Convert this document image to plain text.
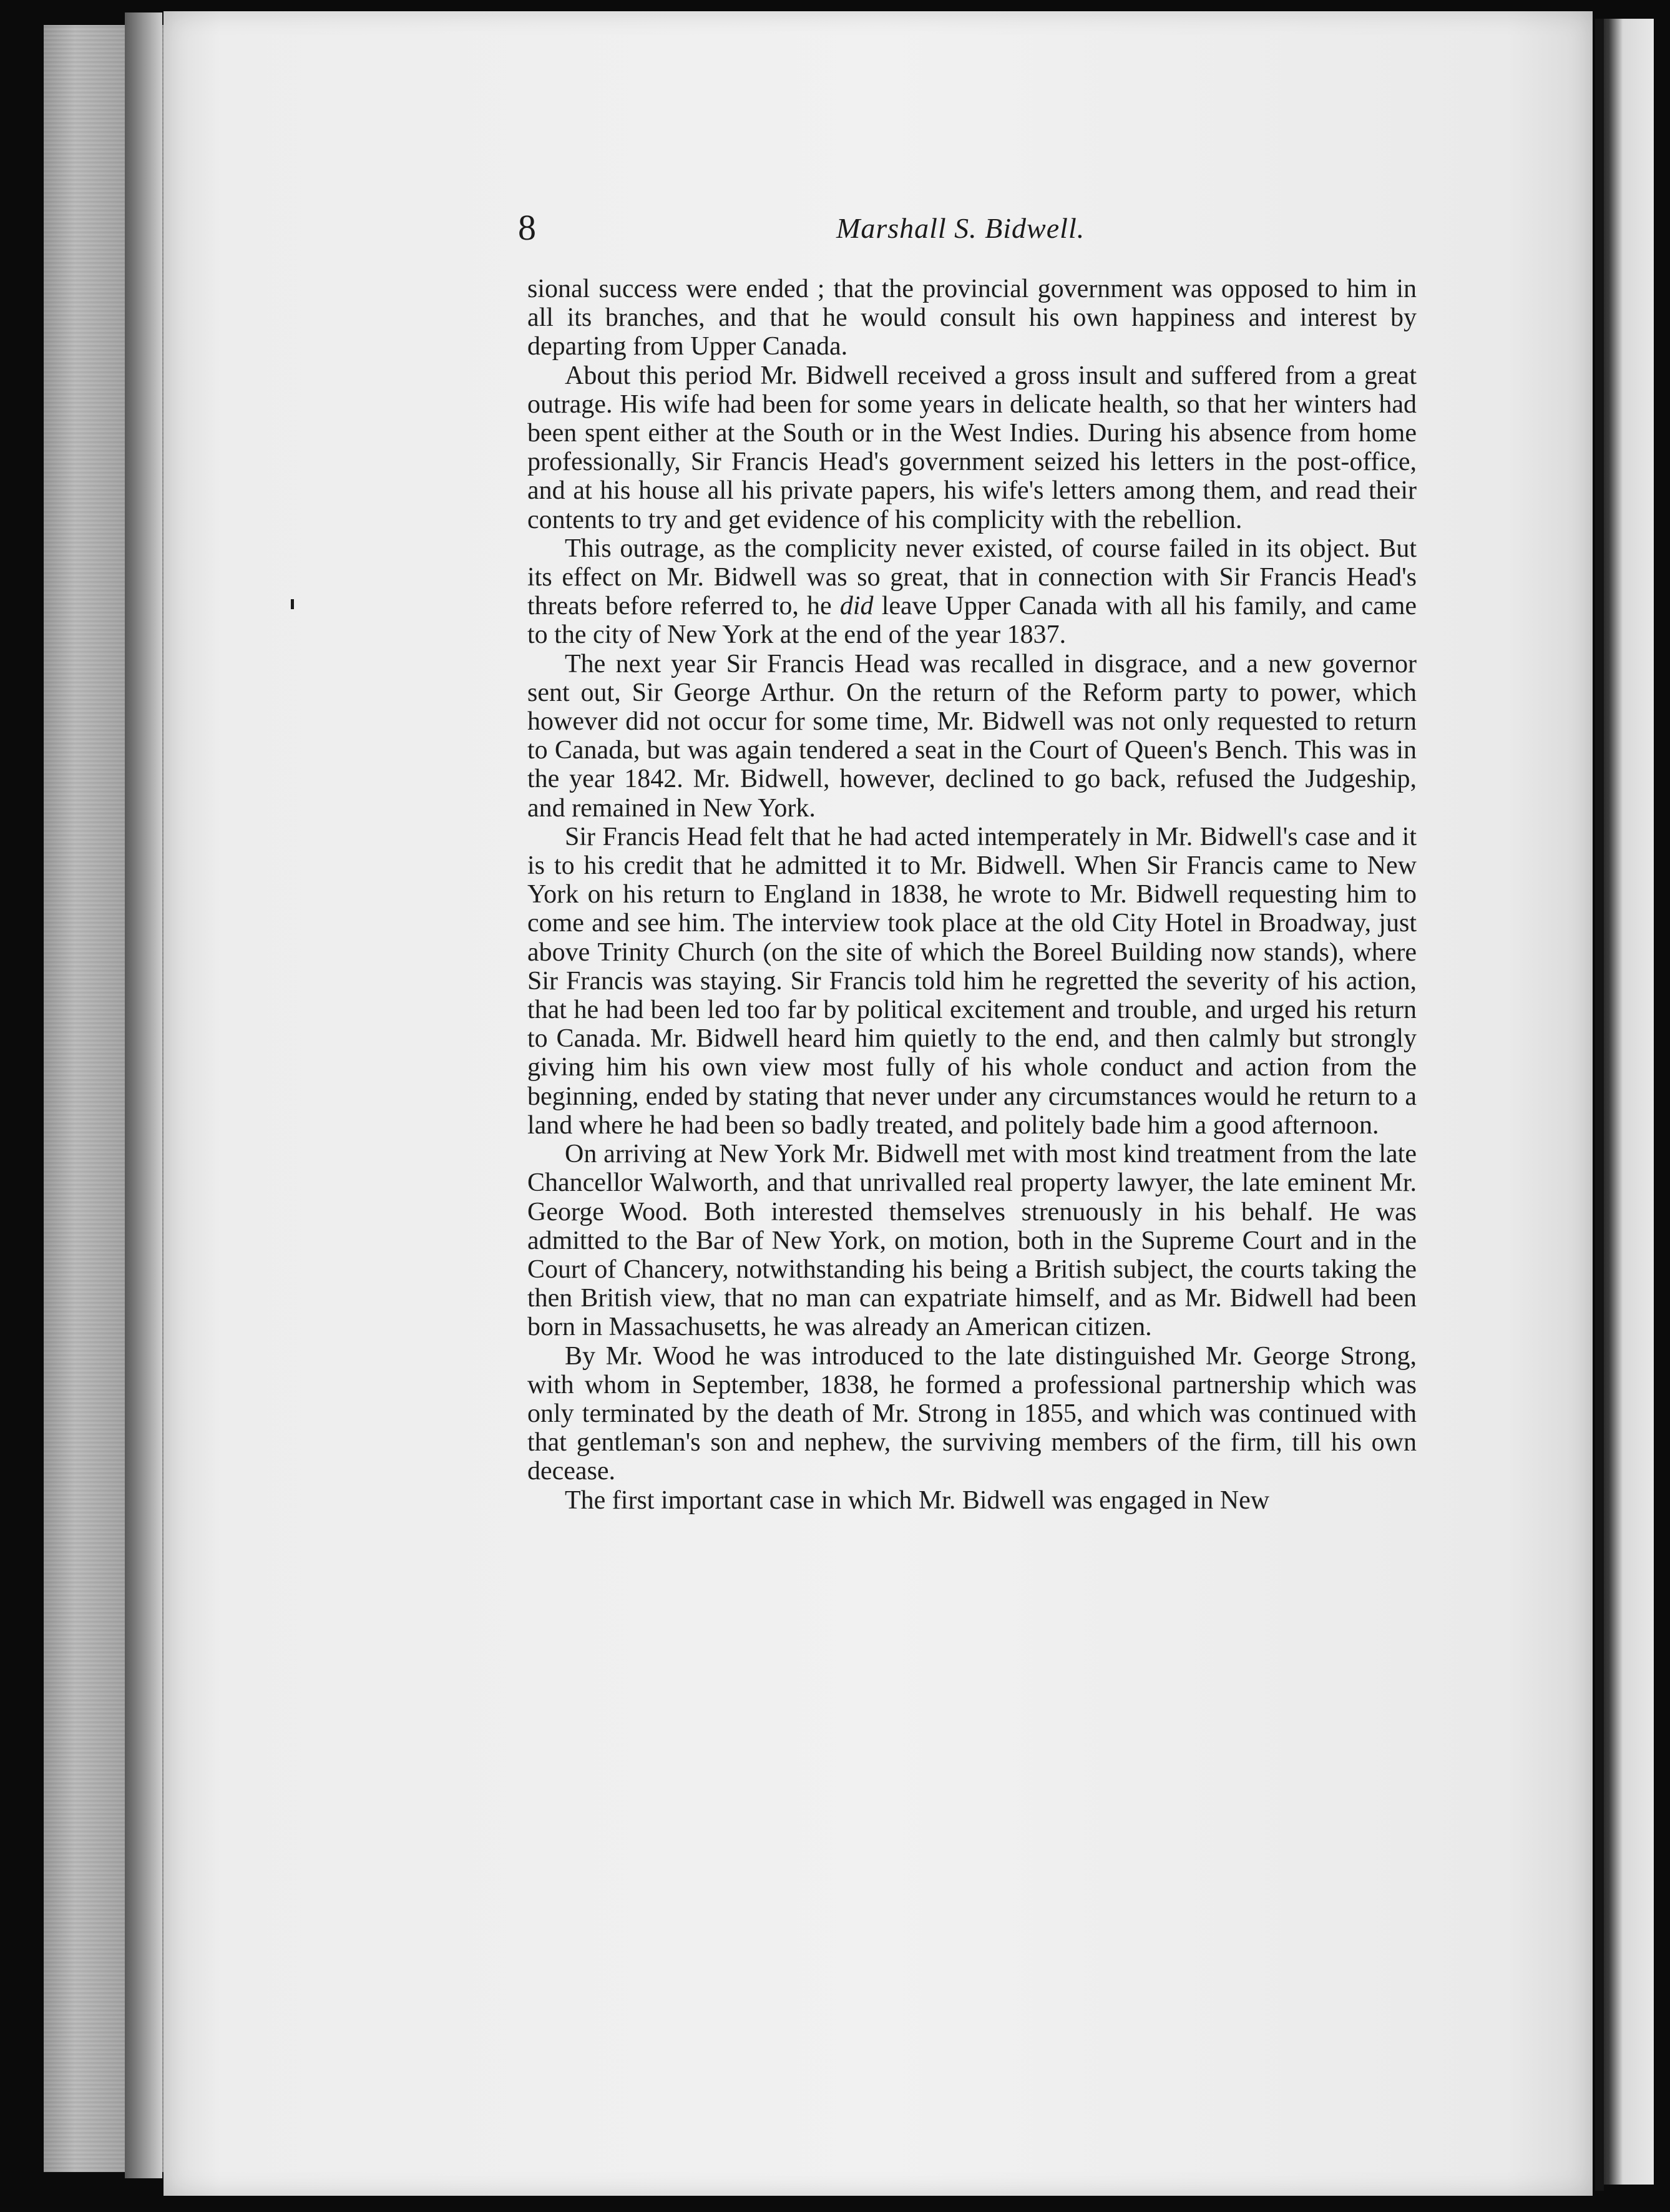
8	Marshall S. Bidwell.

sional success were ended ; that the provincial government was opposed to him in all its branches, and that he would consult his own happiness and interest by departing from Upper Canada.

About this period Mr. Bidwell received a gross insult and suffered from a great outrage. His wife had been for some years in delicate health, so that her winters had been spent either at the South or in the West Indies. During his absence from home professionally, Sir Francis Head's government seized his letters in the post-office, and at his house all his private papers, his wife's letters among them, and read their contents to try and get evidence of his complicity with the rebellion.

This outrage, as the complicity never existed, of course failed in its object. But its effect on Mr. Bidwell was so great, that in connection with Sir Francis Head's threats before referred to, he did leave Upper Canada with all his family, and came to the city of New York at the end of the year 1837.

The next year Sir Francis Head was recalled in disgrace, and a new governor sent out, Sir George Arthur. On the return of the Reform party to power, which however did not occur for some time, Mr. Bidwell was not only requested to return to Canada, but was again tendered a seat in the Court of Queen's Bench. This was in the year 1842. Mr. Bidwell, however, declined to go back, refused the Judgeship, and remained in New York.

Sir Francis Head felt that he had acted intemperately in Mr. Bidwell's case and it is to his credit that he admitted it to Mr. Bidwell. When Sir Francis came to New York on his return to England in 1838, he wrote to Mr. Bidwell requesting him to come and see him. The interview took place at the old City Hotel in Broadway, just above Trinity Church (on the site of which the Boreel Building now stands), where Sir Francis was staying. Sir Francis told him he regretted the severity of his action, that he had been led too far by political excitement and trouble, and urged his return to Canada. Mr. Bidwell heard him quietly to the end, and then calmly but strongly giving him his own view most fully of his whole conduct and action from the beginning, ended by stating that never under any circumstances would he return to a land where he had been so badly treated, and politely bade him a good afternoon.

On arriving at New York Mr. Bidwell met with most kind treatment from the late Chancellor Walworth, and that unrivalled real property lawyer, the late eminent Mr. George Wood. Both interested themselves strenuously in his behalf. He was admitted to the Bar of New York, on motion, both in the Supreme Court and in the Court of Chancery, notwithstanding his being a British subject, the courts taking the then British view, that no man can expatriate himself, and as Mr. Bidwell had been born in Massachusetts, he was already an American citizen.

By Mr. Wood he was introduced to the late distinguished Mr. George Strong, with whom in September, 1838, he formed a professional partnership which was only terminated by the death of Mr. Strong in 1855, and which was continued with that gentleman's son and nephew, the surviving members of the firm, till his own decease.

The first important case in which Mr. Bidwell was engaged in New
